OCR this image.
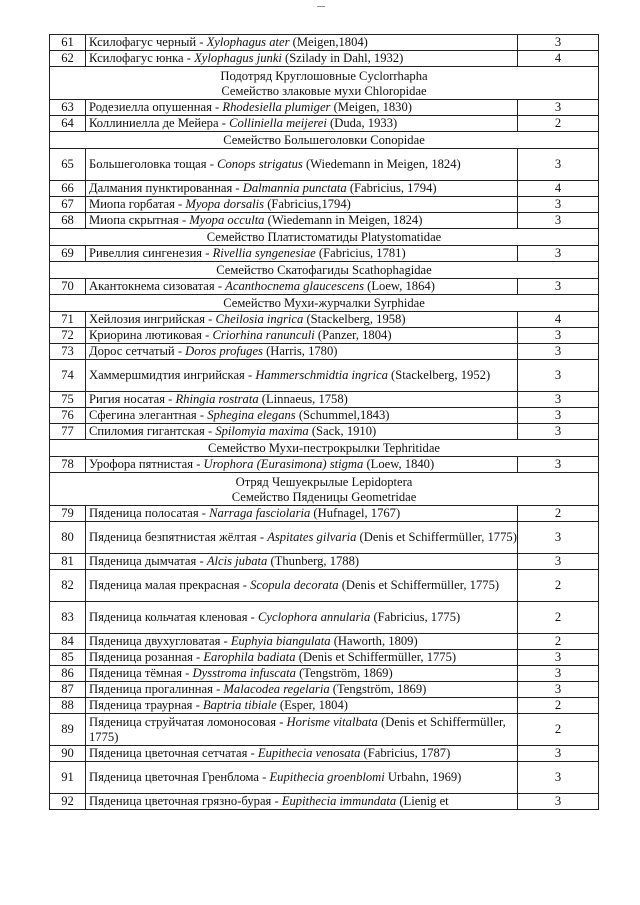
61	Ксилофагус черный - Xylophagus ater (Meigen,1804)	3
62	Ксилофагус юнка - Xylophagus junki (Szilady in Dahl, 1932)	4

Подотряд Круглошовные Cyclorrhapha
Семейство злаковые мухи Chloropidae		

63	Родезиелла опушенная - Rhodesiella plumiger (Meigen, 1830)	3
64	Коллиниелла де Мейера - Colliniella meijerei (Duda, 1933)	2

Семейство Большеголовки Conopidae		

65	Большеголовка тощая - Conops strigatus (Wiedemann in Meigen, 1824)	3
66	Далмания пунктированная - Dalmannia punctata (Fabricius, 1794)	4
67	Миопа горбатая - Myopa dorsalis (Fabricius,1794)	3
68	Миопа скрытная - Myopa occulta (Wiedemann in Meigen, 1824)	3

Семейство Платистоматиды Platystomatidae		

69	Ривеллия сингенезия - Rivellia syngenesiae (Fabricius, 1781)	3

Семейство Скатофагиды Scathophagidae		

70	Акантокнема сизоватая - Acanthocnema glaucescens (Loew, 1864)	3

Семейство Мухи-журчалки Syrphidae		

71	Хейлозия ингрийская - Cheilosia ingrica (Stackelberg, 1958)	4
72	Криорина лютиковая - Criorhina ranunculi (Panzer, 1804)	3
73	Дорос сетчатый - Doros profuges (Harris, 1780)	3
74	Хаммершмидтия ингрийская - Hammerschmidtia ingrica (Stackelberg, 1952)	3
75	Ригия носатая - Rhingia rostrata (Linnaeus, 1758)	3
76	Сфегина элегантная - Sphegina elegans (Schummel,1843)	3
77	Спиломия гигантская - Spilomyia maxima (Sack, 1910)	3

Семейство Мухи-пестрокрылки Tephritidae		

78	Урофора пятнистая - Urophora (Eurasimona) stigma (Loew, 1840)	3

Отряд Чешуекрылые Lepidoptera
Семейство Пяденицы Geometridae		

79	Пяденица полосатая - Narraga fasciolaria (Hufnagel, 1767)	2
80	Пяденица безпятнистая жёлтая - Aspitates gilvaria (Denis et Schiffermüller, 1775)	3
81	Пяденица дымчатая - Alcis jubata (Thunberg, 1788)	3
82	Пяденица малая прекрасная - Scopula decorata (Denis et Schiffermüller, 1775)	2
83	Пяденица кольчатая кленовая - Cyclophora annularia (Fabricius, 1775)	2
84	Пяденица двухугловатая - Euphyia biangulata (Haworth, 1809)	2
85	Пяденица розанная - Earophila badiata (Denis et Schiffermüller, 1775)	3
86	Пяденица тёмная - Dysstroma infuscata (Tengström, 1869)	3
87	Пяденица прогалинная - Malacodea regelaria (Tengström, 1869)	3
88	Пяденица траурная - Baptria tibiale (Esper, 1804)	2
89	Пяденица струйчатая ломоносовая - Horisme vitalbata (Denis et Schiffermüller, 1775)	2
90	Пяденица цветочная сетчатая - Eupithecia venosata (Fabricius, 1787)	3
91	Пяденица цветочная Гренблома - Eupithecia groenblomi Urbahn, 1969)	3
92	Пяденица цветочная грязно-бурая - Eupithecia immundata (Lienig et	3
